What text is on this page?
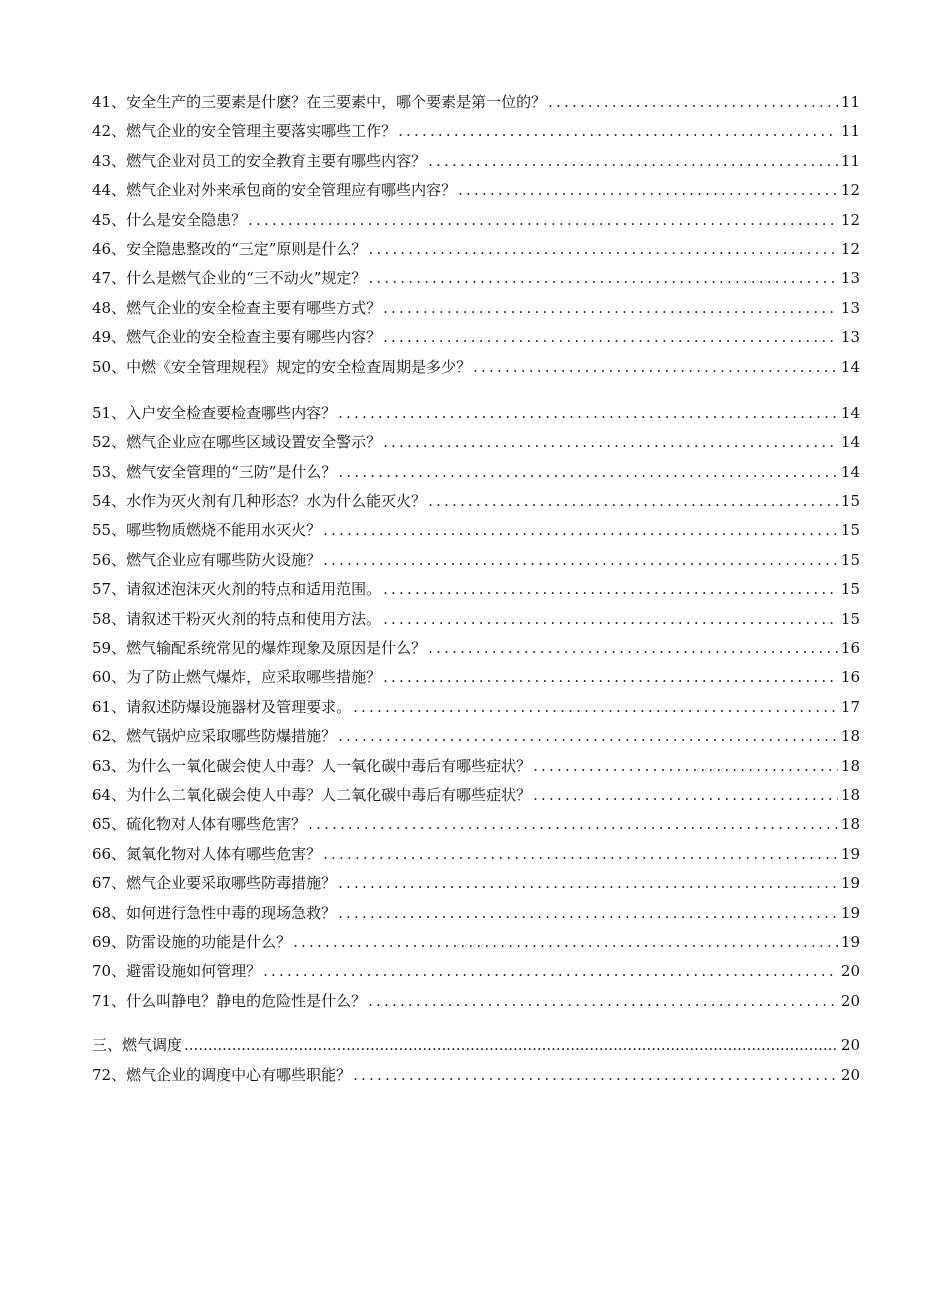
41、安全生产的三要素是什麽？在三要素中，哪个要素是第一位的？ .....	11
42、燃气企业的安全管理主要落实哪些工作？ .....	11
43、燃气企业对员工的安全教育主要有哪些内容？ .....	11
44、燃气企业对外来承包商的安全管理应有哪些内容？ .....	12
45、什么是安全隐患？ .....	12
46、安全隐患整改的“三定”原则是什么？ .....	12
47、什么是燃气企业的“三不动火”规定？ .....	13
48、燃气企业的安全检查主要有哪些方式？ .....	13
49、燃气企业的安全检查主要有哪些内容？ .....	13
50、中燃《安全管理规程》规定的安全检查周期是多少？ .....	14
51、入户安全检查要检查哪些内容？ .....	14
52、燃气企业应在哪些区域设置安全警示？ .....	14
53、燃气安全管理的“三防”是什么？ .....	14
54、水作为灭火剂有几种形态？水为什么能灭火？ .....	15
55、哪些物质燃烧不能用水灭火？ .....	15
56、燃气企业应有哪些防火设施？ .....	15
57、请叙述泡沫灭火剂的特点和适用范围。 .....	15
58、请叙述干粉灭火剂的特点和使用方法。 .....	15
59、燃气输配系统常见的爆炸现象及原因是什么？ .....	16
60、为了防止燃气爆炸，应采取哪些措施？ .....	16
61、请叙述防爆设施器材及管理要求。 .....	17
62、燃气锅炉应采取哪些防爆措施？ .....	18
63、为什么一氧化碳会使人中毒？人一氧化碳中毒后有哪些症状？ .....	18
64、为什么二氧化碳会使人中毒？人二氧化碳中毒后有哪些症状？ .....	18
65、硫化物对人体有哪些危害？ .....	18
66、氮氧化物对人体有哪些危害？ .....	19
67、燃气企业要采取哪些防毒措施？ .....	19
68、如何进行急性中毒的现场急救？ .....	19
69、防雷设施的功能是什么？ .....	19
70、避雷设施如何管理？ .....	20
71、什么叫静电？静电的危险性是什么？ .....	20
三、燃气调度 .....	20
72、燃气企业的调度中心有哪些职能？ .....	20
